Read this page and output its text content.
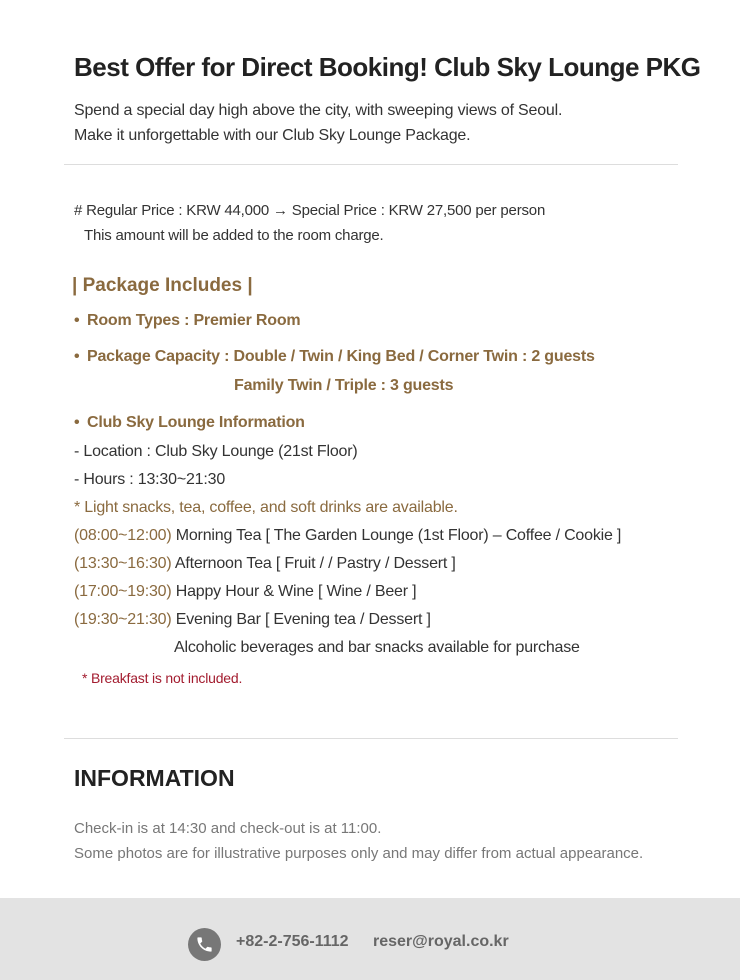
Best Offer for Direct Booking! Club Sky Lounge PKG
Spend a special day high above the city, with sweeping views of Seoul.
Make it unforgettable with our Club Sky Lounge Package.
# Regular Price : KRW 44,000 → Special Price : KRW 27,500 per person
This amount will be added to the room charge.
| Package Includes |
• Room Types : Premier Room
• Package Capacity : Double / Twin / King Bed / Corner Twin : 2 guests
Family Twin / Triple : 3 guests
• Club Sky Lounge Information
- Location : Club Sky Lounge (21st Floor)
- Hours : 13:30~21:30
* Light snacks, tea, coffee, and soft drinks are available.
(08:00~12:00) Morning Tea [ The Garden Lounge (1st Floor) – Coffee / Cookie ]
(13:30~16:30) Afternoon Tea [ Fruit / / Pastry / Dessert ]
(17:00~19:30) Happy Hour & Wine [ Wine / Beer ]
(19:30~21:30) Evening Bar [ Evening tea / Dessert ]
Alcoholic beverages and bar snacks available for purchase
* Breakfast is not included.
INFORMATION
Check-in is at 14:30 and check-out is at 11:00.
Some photos are for illustrative purposes only and may differ from actual appearance.
+82-2-756-1112 reser@royal.co.kr
